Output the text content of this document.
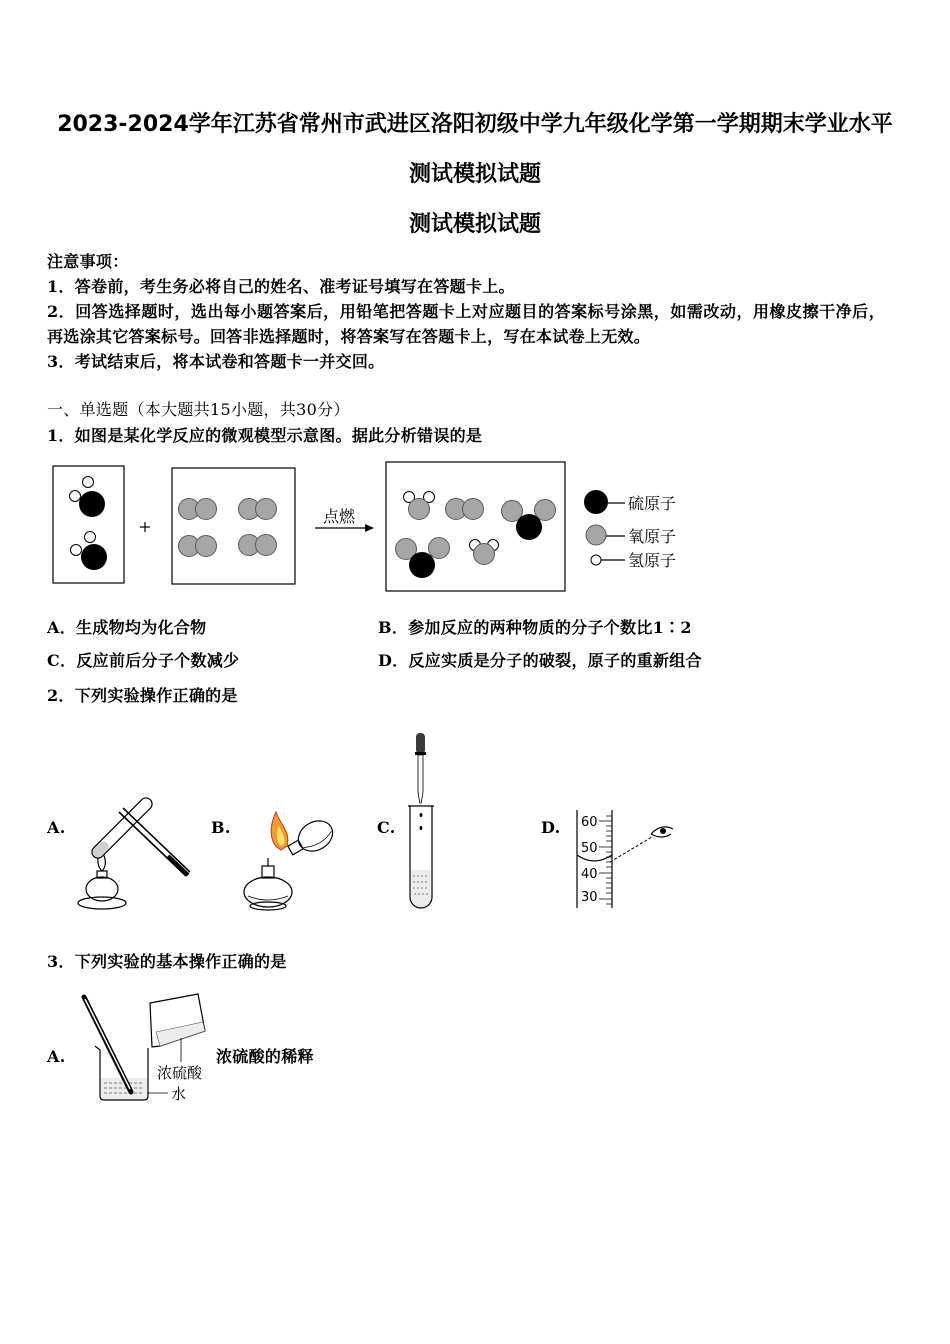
2023-2024学年江苏省常州市武进区洛阳初级中学九年级化学第一学期期末学业水平
测试模拟试题
测试模拟试题
注意事项：
1．答卷前，考生务必将自己的姓名、准考证号填写在答题卡上。
2．回答选择题时，选出每小题答案后，用铅笔把答题卡上对应题目的答案标号涂黑，如需改动，用橡皮擦干净后，再选涂其它答案标号。回答非选择题时，将答案写在答题卡上，写在本试卷上无效。
3．考试结束后，将本试卷和答题卡一并交回。
一、单选题（本大题共15小题，共30分）
1．如图是某化学反应的微观模型示意图。据此分析错误的是
点燃
硫原子
氧原子
氢原子
A．生成物均为化合物	B．参加反应的两种物质的分子个数比1∶2
C．反应前后分子个数减少	D．反应实质是分子的破裂，原子的重新组合
2．下列实验操作正确的是
A.	B.	C.	D. 60
50
40
30
3．下列实验的基本操作正确的是
A.
浓硫酸
水
浓硫酸的稀释
